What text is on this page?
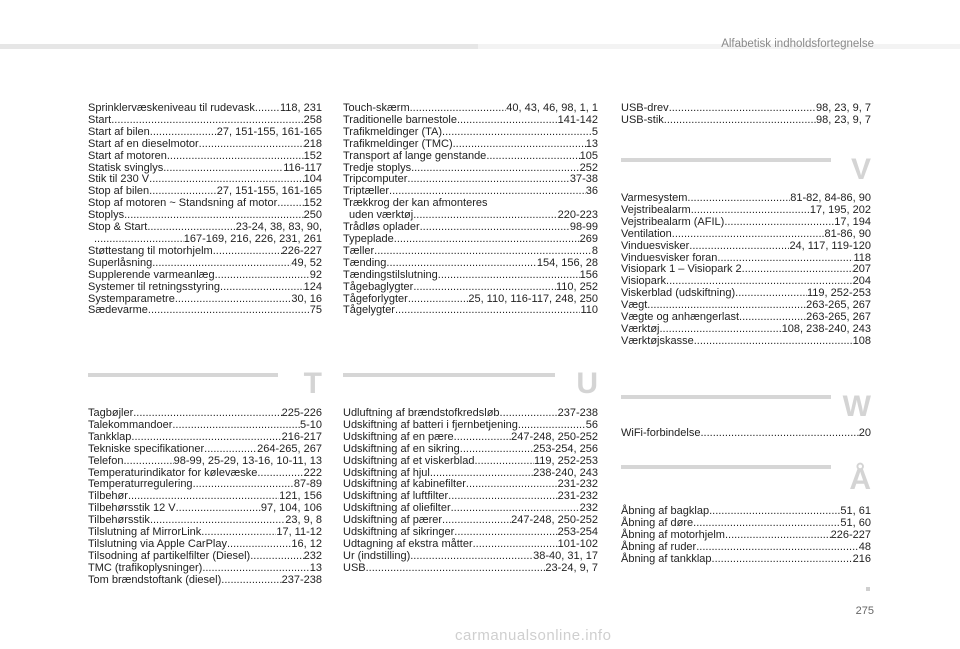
Alfabetisk indholdsfortegnelse
Sprinklervæskeniveau til rudevask ..... 118, 231
Start .....	258
Start af bilen .....	27, 151-155, 161-165
Start af en dieselmotor .....	218
Start af motoren .....	152
Statisk svinglys .....	116-117
Stik til 230 V .....	104
Stop af bilen .....	27, 151-155, 161-165
Stop af motoren ~ Standsning af motor ..... 152
Stoplys .....	250
Stop & Start .....	23-24, 38, 83, 90,
.....
167-169, 216, 226, 231, 261
Støttestang til motorhjelm .....	226-227
Superlåsning .....	49, 52
Supplerende varmeanlæg .....	92
Systemer til retningsstyring .....	124
Systemparametre .....	30, 16
Sædevarme .....	75
T
Tagbøjler .....	225-226
Talekommandoer .....	5-10
Tankklap .....	216-217
Tekniske specifikationer .....	264-265, 267
Telefon .....	98-99, 25-29, 13-16, 10-11, 13
Temperaturindikator for kølevæske .....	222
Temperaturregulering .....	87-89
Tilbehør .....	121, 156
Tilbehørsstik 12 V .....	97, 104, 106
Tilbehørsstik .....	23, 9, 8
Tilslutning af MirrorLink .....	17, 11-12
Tilslutning via Apple CarPlay .....	16, 12
Tilsodning af partikelfilter (Diesel) .....	232
TMC (trafikoplysninger) .....	13
Tom brændstoftank (diesel) .....	237-238
Touch-skærm .....	40, 43, 46, 98, 1, 1
Traditionelle barnestole .....	141-142
Trafikmeldinger (TA) .....	5
Trafikmeldinger (TMC) .....	13
Transport af lange genstande .....	105
Tredje stoplys .....	252
Tripcomputer .....	37-38
Triptæller .....	36
Trækkrog der kan afmonteres
uden værktøj .....	220-223
Trådløs oplader .....	98-99
Typeplade .....	269
Tæller .....	8
Tænding .....	154, 156, 28
Tændingstilslutning .....	156
Tågebaglygter .....	110, 252
Tågeforlygter .....	25, 110, 116-117, 248, 250
Tågelygter .....	110
U
Udluftning af brændstofkredsløb .....	237-238
Udskiftning af batteri i fjernbetjening .....	56
Udskiftning af en pære .....	247-248, 250-252
Udskiftning af en sikring .....	253-254, 256
Udskiftning af et viskerblad .....	119, 252-253
Udskiftning af hjul .....	238-240, 243
Udskiftning af kabinefilter .....	231-232
Udskiftning af luftfilter .....	231-232
Udskiftning af oliefilter .....	232
Udskiftning af pærer .....	247-248, 250-252
Udskiftning af sikringer .....	253-254
Udtagning af ekstra måtter .....	101-102
Ur (indstilling) .....	38-40, 31, 17
USB .....	23-24, 9, 7
USB-drev .....	98, 23, 9, 7
USB-stik .....	98, 23, 9, 7
V
Varmesystem .....	81-82, 84-86, 90
Vejstribealarm .....	17, 195, 202
Vejstribealarm (AFIL) .....	17, 194
Ventilation .....	81-86, 90
Vinduesvisker .....	24, 117, 119-120
Vinduesvisker foran .....	118
Visiopark 1 – Visiopark 2 .....	207
Visiopark .....	204
Viskerblad (udskiftning) .....	119, 252-253
Vægt .....	263-265, 267
Vægte og anhængerlast .....	263-265, 267
Værktøj .....	108, 238-240, 243
Værktøjskasse .....	108
W
WiFi-forbindelse .....	20
Å
Åbning af bagklap .....	51, 61
Åbning af døre .....	51, 60
Åbning af motorhjelm .....	226-227
Åbning af ruder .....	48
Åbning af tankklap .....	216
275
carmanualsonline.info
